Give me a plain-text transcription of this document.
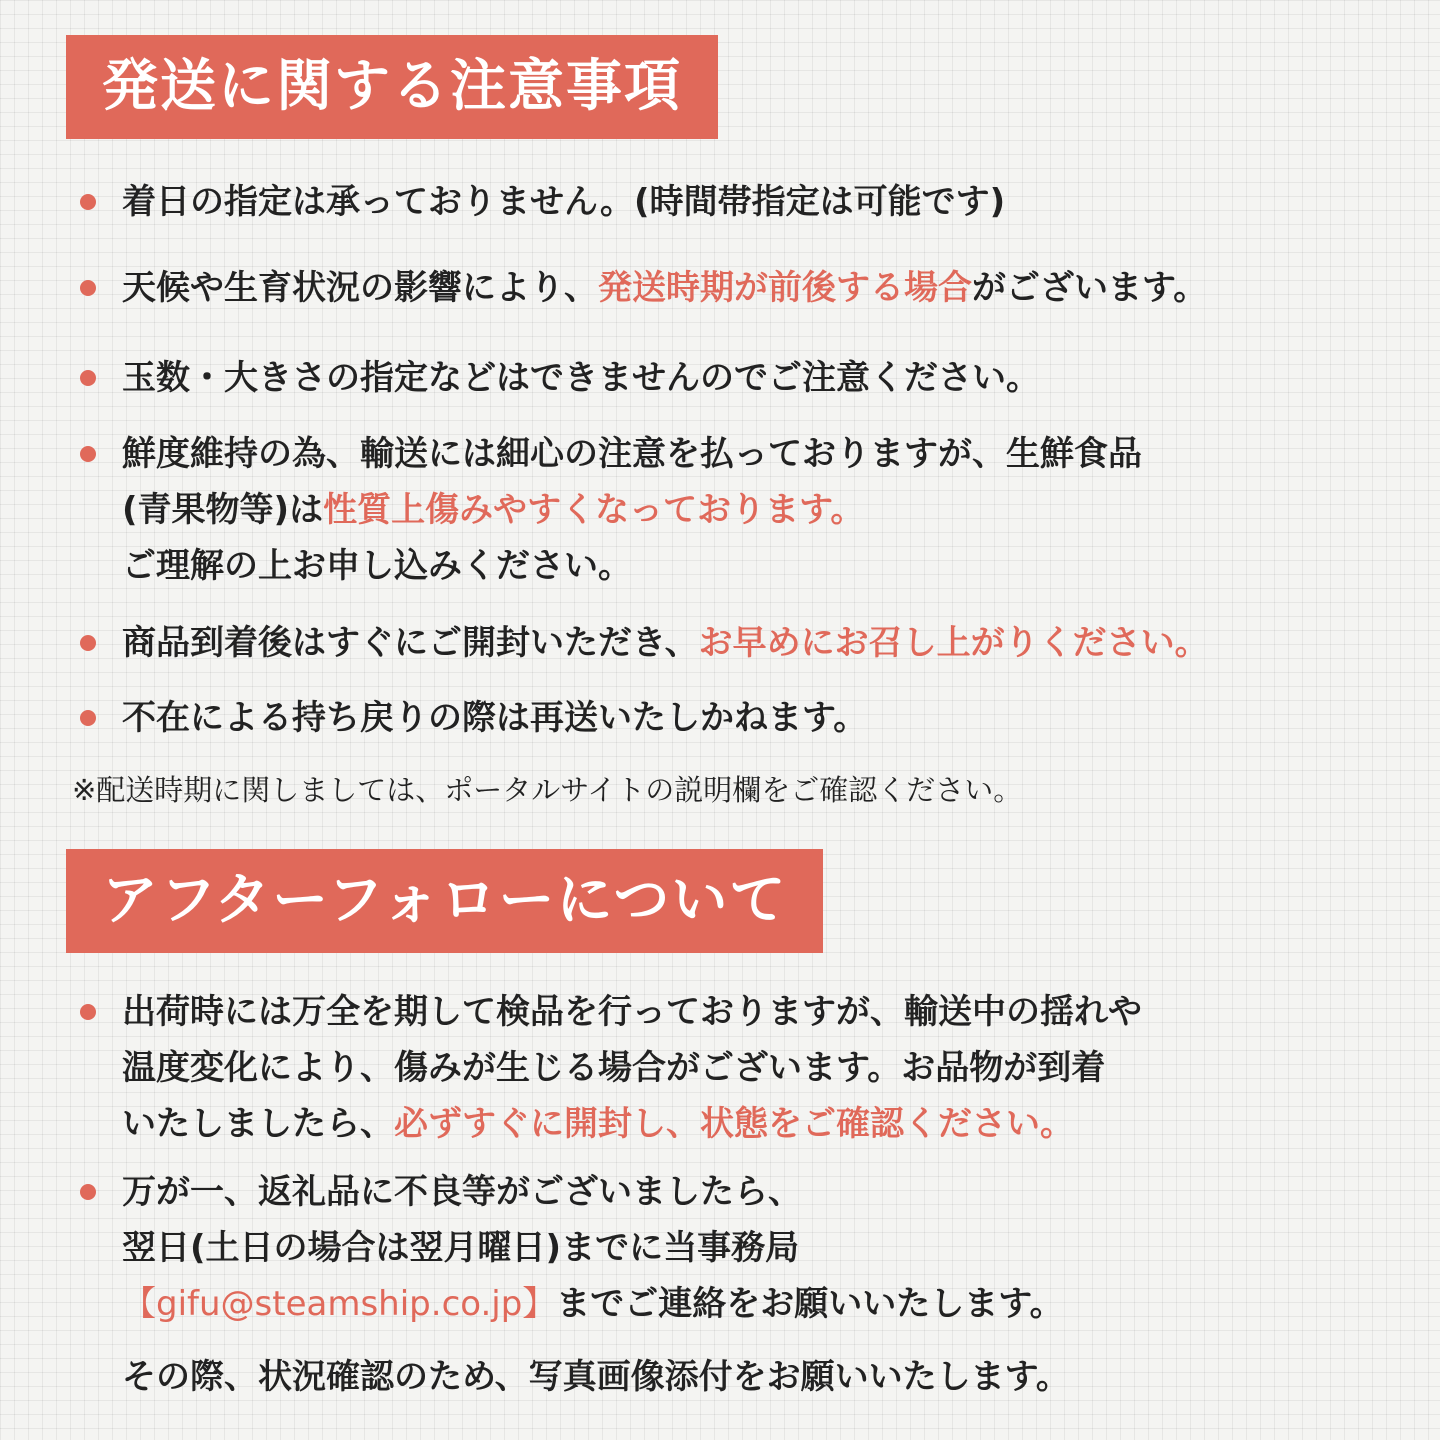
発送に関する注意事項
着日の指定は承っておりません。(時間帯指定は可能です)
天候や生育状況の影響により、発送時期が前後する場合がございます。
玉数・大きさの指定などはできませんのでご注意ください。
鮮度維持の為、輸送には細心の注意を払っておりますが、生鮮食品
(青果物等)は性質上傷みやすくなっております。
ご理解の上お申し込みください。
商品到着後はすぐにご開封いただき、お早めにお召し上がりください。
不在による持ち戻りの際は再送いたしかねます。
※配送時期に関しましては、ポータルサイトの説明欄をご確認ください。
アフターフォローについて
出荷時には万全を期して検品を行っておりますが、輸送中の揺れや
温度変化により、傷みが生じる場合がございます。お品物が到着
いたしましたら、必ずすぐに開封し、状態をご確認ください。
万が一、返礼品に不良等がございましたら、
翌日(土日の場合は翌月曜日)までに当事務局
【gifu@steamship.co.jp】までご連絡をお願いいたします。
その際、状況確認のため、写真画像添付をお願いいたします。
